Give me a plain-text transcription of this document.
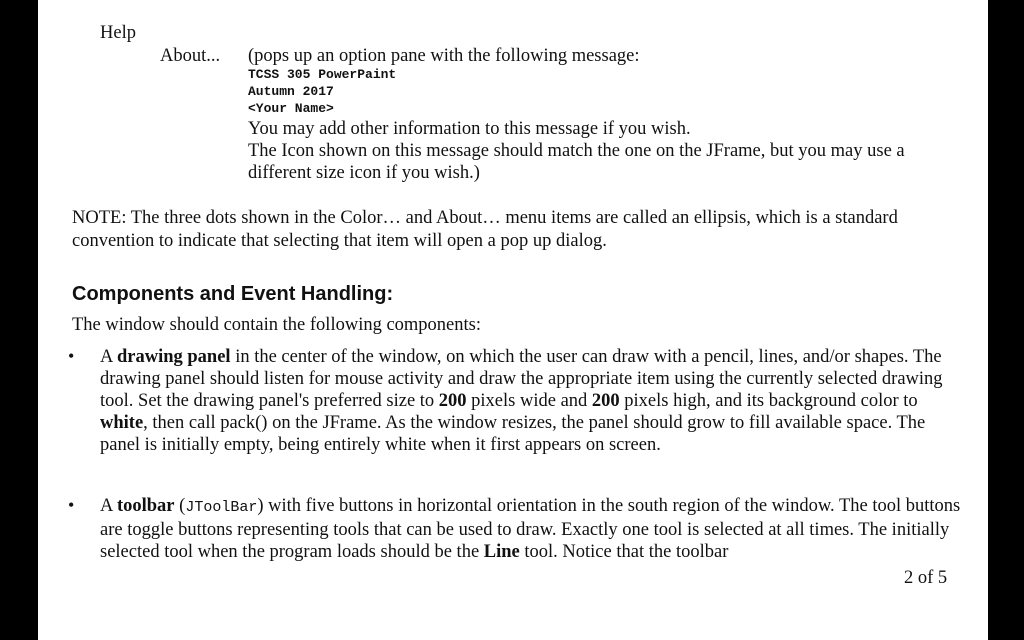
Help
About... (pops up an option pane with the following message:
TCSS 305 PowerPaint
Autumn 2017
<Your Name>
You may add other information to this message if you wish.
The Icon shown on this message should match the one on the JFrame, but you may use a
different size icon if you wish.)
NOTE: The three dots shown in the Color… and About… menu items are called an ellipsis, which is a standard
convention to indicate that selecting that item will open a pop up dialog.
Components and Event Handling:
The window should contain the following components:
• A drawing panel in the center of the window, on which the user can draw with a pencil, lines, and/or shapes. The drawing panel should listen for mouse activity and draw the appropriate item using the currently selected drawing tool. Set the drawing panel's preferred size to 200 pixels wide and 200 pixels high, and its background color to white, then call pack() on the JFrame. As the window resizes, the panel should grow to fill available space. The panel is initially empty, being entirely white when it first appears on screen.
• A toolbar (JToolBar) with five buttons in horizontal orientation in the south region of the window. The tool buttons are toggle buttons representing tools that can be used to draw. Exactly one tool is selected at all times. The initially selected tool when the program loads should be the Line tool. Notice that the toolbar
2 of 5
